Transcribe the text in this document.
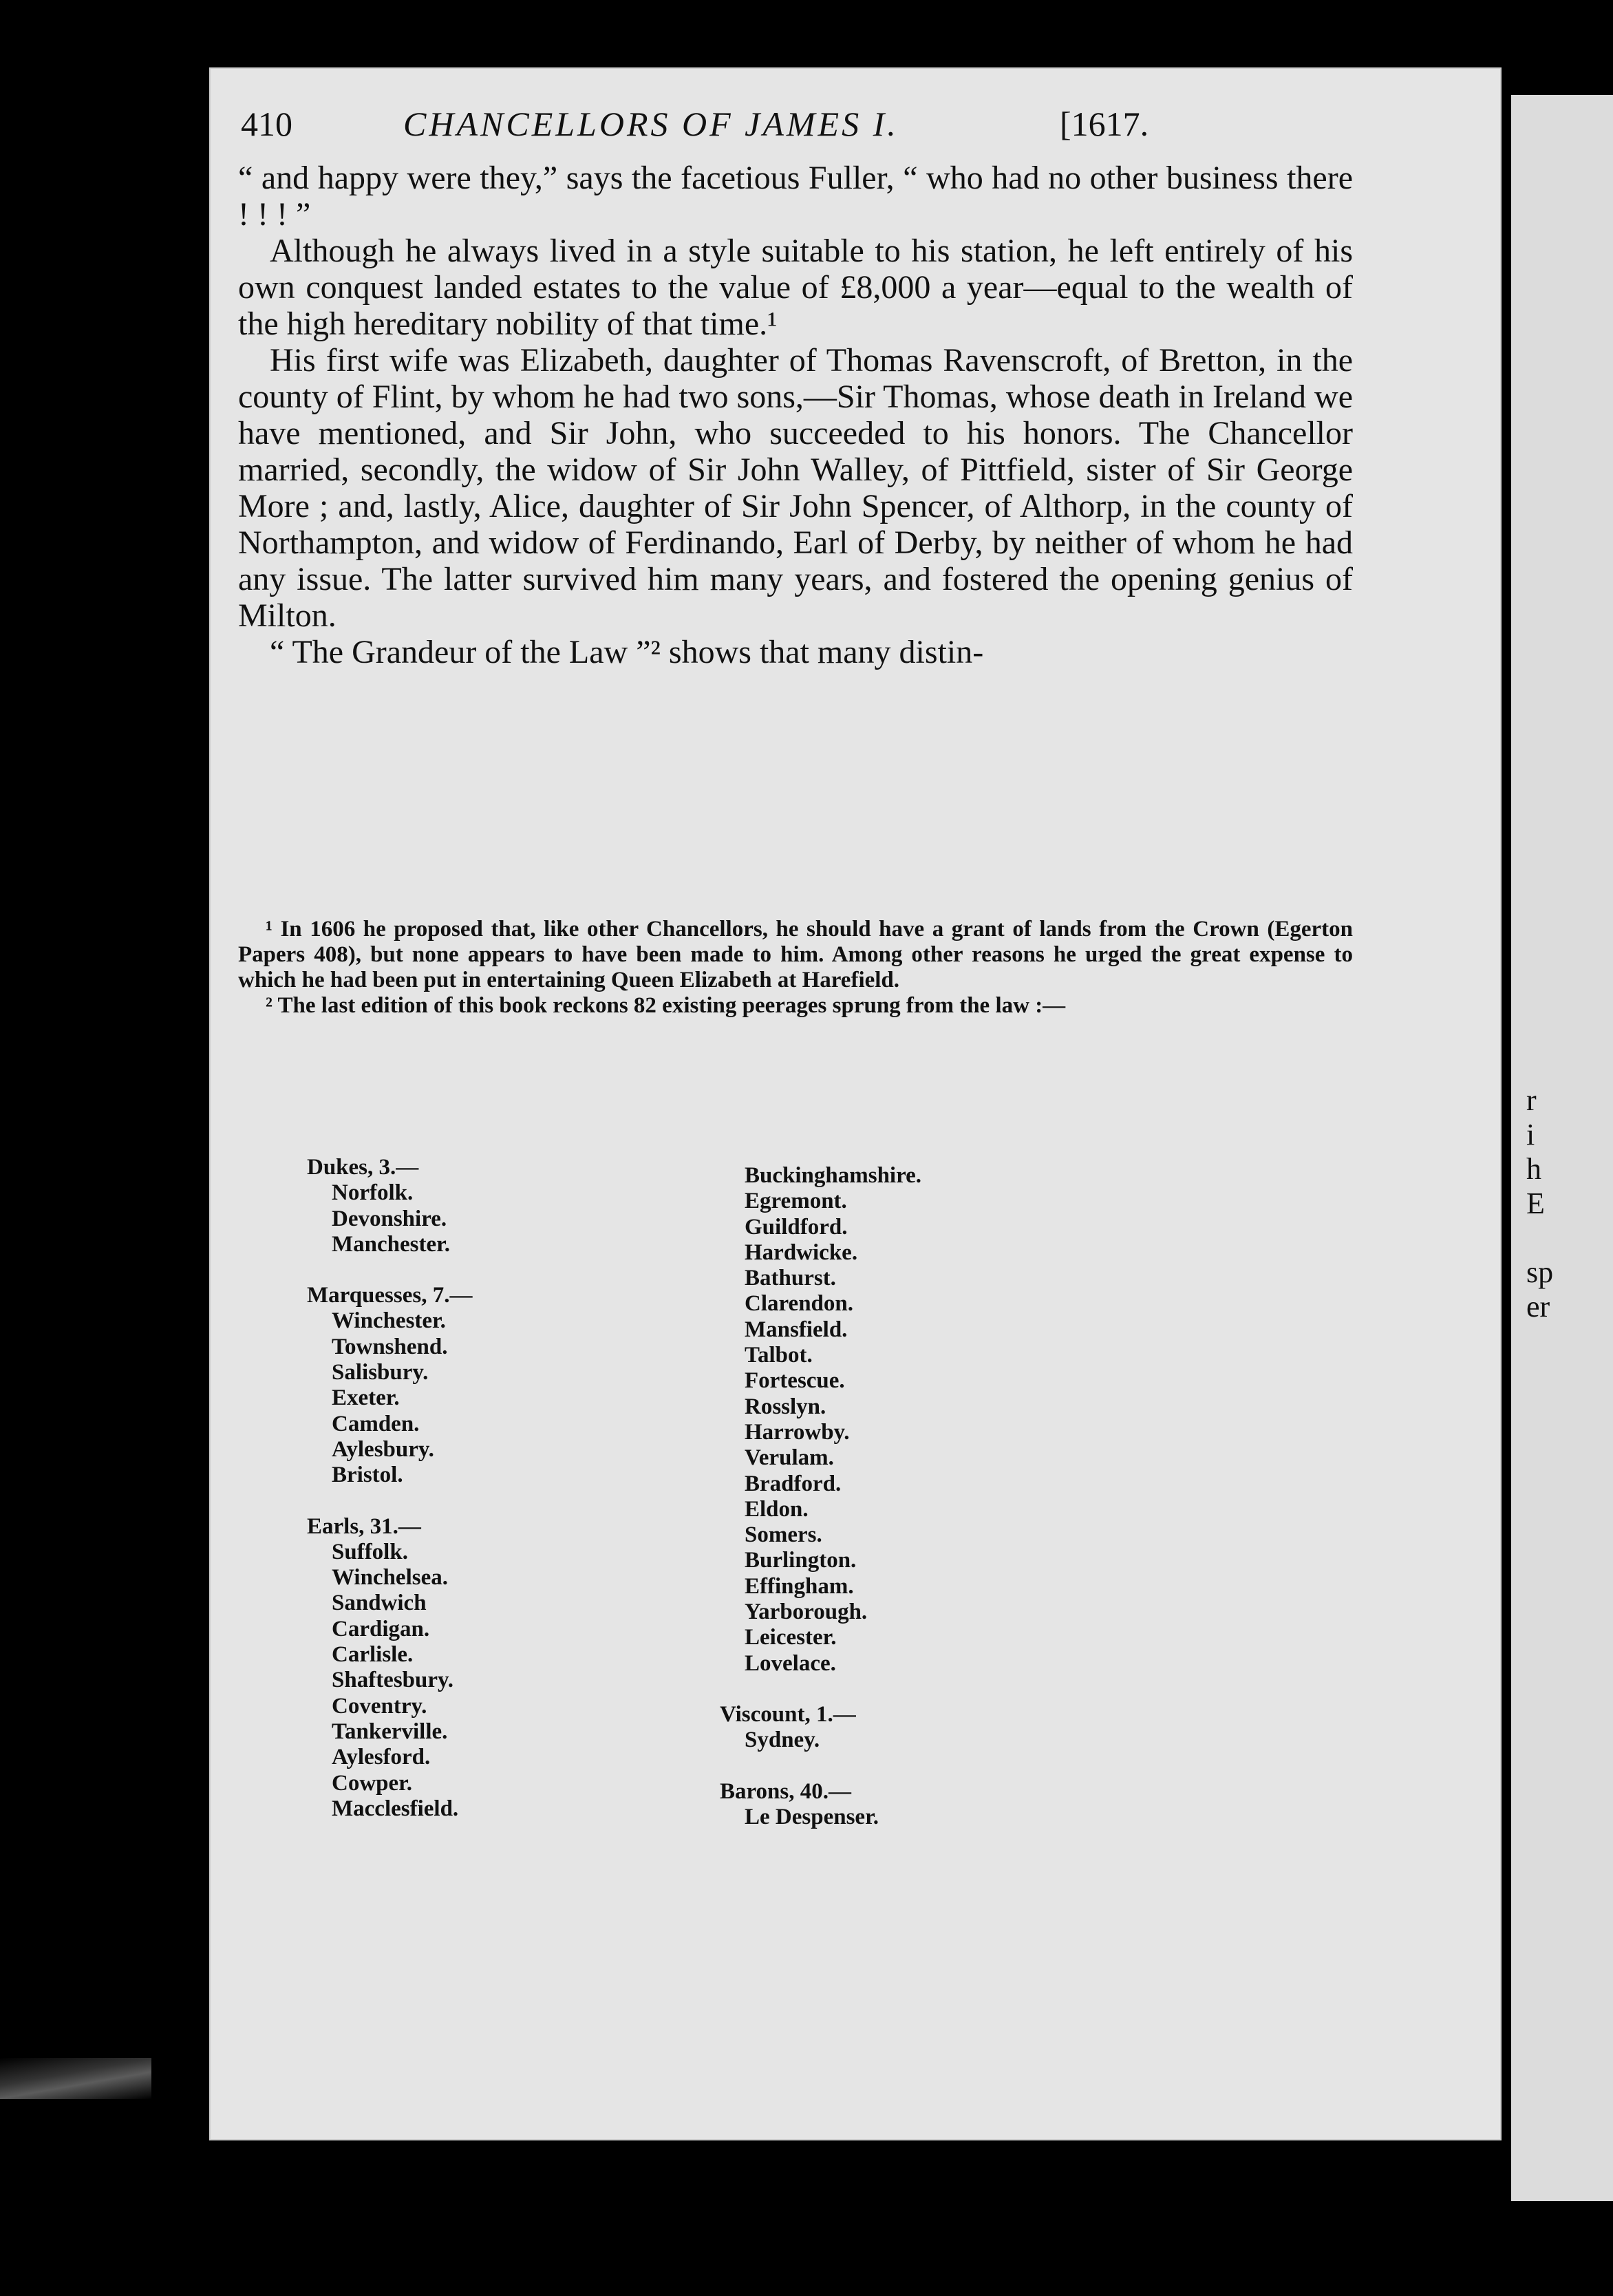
r
i
h
E
sp
er
410	CHANCELLORS OF JAMES I.	[1617.

“ and happy were they,” says the facetious Fuller, “ who had no other business there ! ! ! ”

Although he always lived in a style suitable to his station, he left entirely of his own conquest landed estates to the value of £8,000 a year—equal to the wealth of the high hereditary nobility of that time.¹

His first wife was Elizabeth, daughter of Thomas Ravenscroft, of Bretton, in the county of Flint, by whom he had two sons,—Sir Thomas, whose death in Ireland we have mentioned, and Sir John, who succeeded to his honors. The Chancellor married, secondly, the widow of Sir John Walley, of Pittfield, sister of Sir George More ; and, lastly, Alice, daughter of Sir John Spencer, of Althorp, in the county of Northampton, and widow of Ferdinando, Earl of Derby, by neither of whom he had any issue. The latter survived him many years, and fostered the opening genius of Milton.

“ The Grandeur of the Law ”² shows that many distin-

¹ In 1606 he proposed that, like other Chancellors, he should have a grant of lands from the Crown (Egerton Papers 408), but none appears to have been made to him. Among other reasons he urged the great expense to which he had been put in entertaining Queen Elizabeth at Harefield.

² The last edition of this book reckons 82 existing peerages sprung from the law :—

Dukes, 3.—
Norfolk.
Devonshire.
Manchester.
Marquesses, 7.—
Winchester.
Townshend.
Salisbury.
Exeter.
Camden.
Aylesbury.
Bristol.
Earls, 31.—
Suffolk.
Winchelsea.
Sandwich
Cardigan.
Carlisle.
Shaftesbury.
Coventry.
Tankerville.
Aylesford.
Cowper.
Macclesfield.
Buckinghamshire.
Egremont.
Guildford.
Hardwicke.
Bathurst.
Clarendon.
Mansfield.
Talbot.
Fortescue.
Rosslyn.
Harrowby.
Verulam.
Bradford.
Eldon.
Somers.
Burlington.
Effingham.
Yarborough.
Leicester.
Lovelace.
Viscount, 1.—
Sydney.
Barons, 40.—
Le Despenser.
